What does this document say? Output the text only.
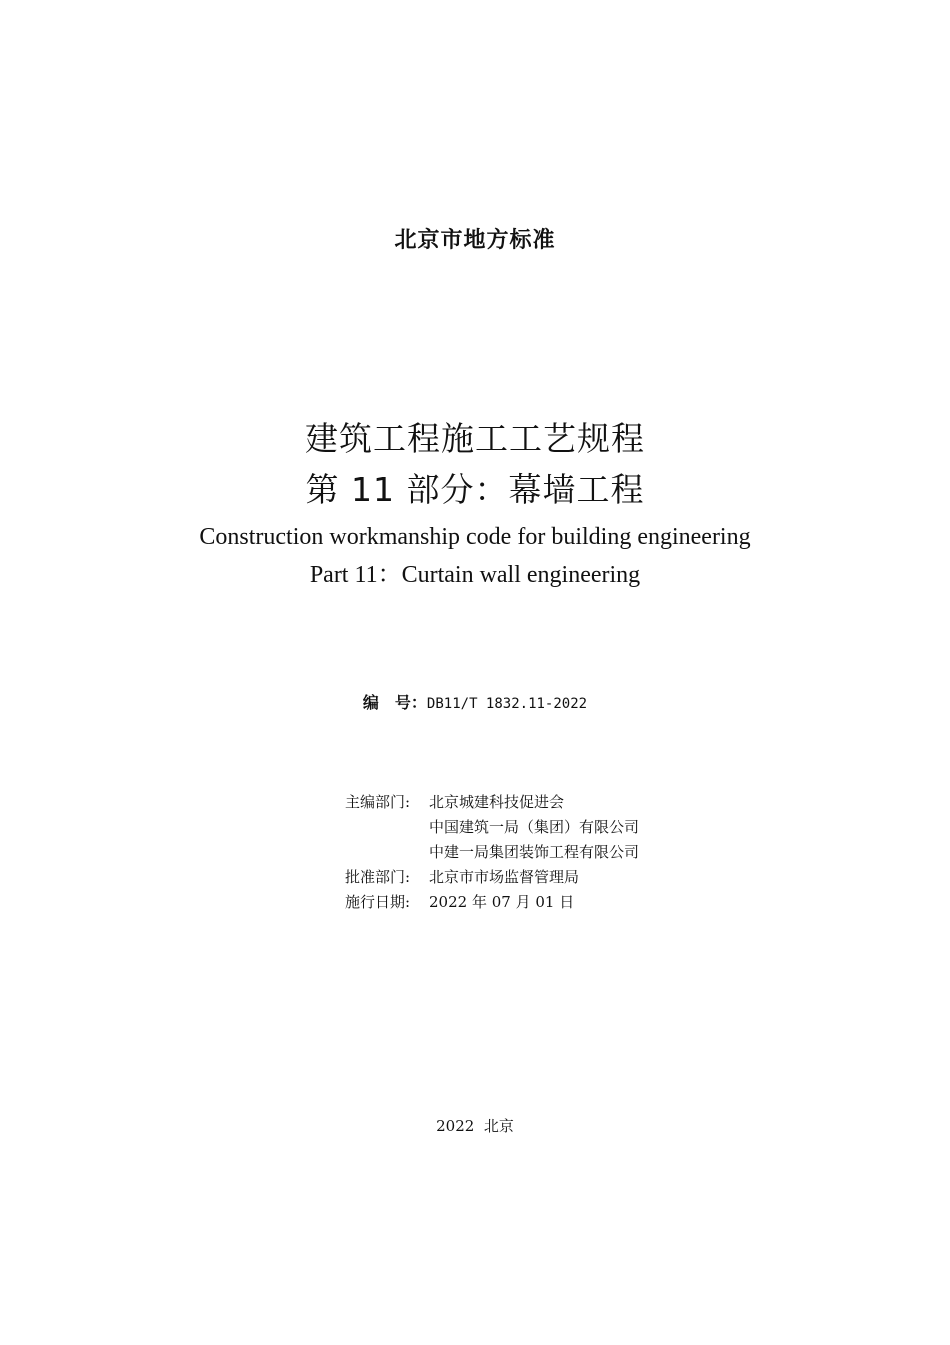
北京市地方标准
建筑工程施工工艺规程
第 11 部分：幕墙工程
Construction workmanship code for building engineering
Part 11：Curtain wall engineering
编　号：DB11/T 1832.11-2022
主编部门:	北京城建科技促进会
中国建筑一局（集团）有限公司
中建一局集团装饰工程有限公司
批准部门:	北京市市场监督管理局
施行日期:	2022 年 07 月 01 日
2022  北京
